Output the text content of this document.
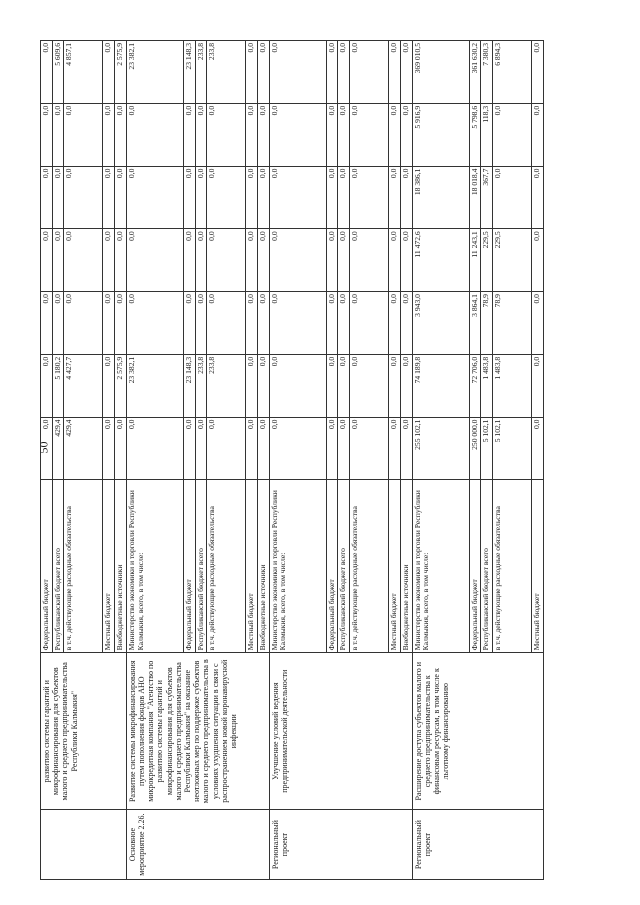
50
	развитию системы гарантий и микрофинансирования для субъектов малого и среднего предпринимательства Республики Калмыкия"	Федеральный бюджет	0,0	0,0	0,0	0,0	0,0	0,0	0,0
		Республиканский бюджет всего	429,4	5 180,2	0,0	0,0	0,0	0,0	5 609,6
		в т.ч. действующие расходные обязательства	429,4	4 427,7	0,0	0,0	0,0	0,0	4 857,1
		Местный бюджет	0,0	0,0	0,0	0,0	0,0	0,0	0,0
		Внебюджетные источники	0,0	2 575,9	0,0	0,0	0,0	0,0	2 575,9
Основное мероприятие 2.26.	Развитие системы микрофинансирования путем пополнения фондов АНО микрокредитная компания "Агентство по развитию системы гарантий и микрофинансирования для субъектов малого и среднего предпринимательства Республики Калмыкия" на оказание неотложных мер по поддержке субъектов малого и среднего предпринимательства в условиях ухудшения ситуации в связи с распространением новой коронавирусной инфекции	Министерство экономики и торговли Республики Калмыкия, всего, в том числе:	0,0	23 382,1	0,0	0,0	0,0	0,0	23 382,1
		Федеральный бюджет	0,0	23 148,3	0,0	0,0	0,0	0,0	23 148,3
		Республиканский бюджет всего	0,0	233,8	0,0	0,0	0,0	0,0	233,8
		в т.ч. действующие расходные обязательства	0,0	233,8	0,0	0,0	0,0	0,0	233,8
		Местный бюджет	0,0	0,0	0,0	0,0	0,0	0,0	0,0
		Внебюджетные источники	0,0	0,0	0,0	0,0	0,0	0,0	0,0
Региональный проект	Улучшение условий ведения предпринимательской деятельности	Министерство экономики и торговли Республики Калмыкия, всего, в том числе:	0,0	0,0	0,0	0,0	0,0	0,0	0,0
		Федеральный бюджет	0,0	0,0	0,0	0,0	0,0	0,0	0,0
		Республиканский бюджет всего	0,0	0,0	0,0	0,0	0,0	0,0	0,0
		в т.ч. действующие расходные обязательства	0,0	0,0	0,0	0,0	0,0	0,0	0,0
		Местный бюджет	0,0	0,0	0,0	0,0	0,0	0,0	0,0
		Внебюджетные источники	0,0	0,0	0,0	0,0	0,0	0,0	0,0
Региональный проект	Расширение доступа субъектов малого и среднего предпринимательства к финансовым ресурсам, в том числе к льготному финансированию	Министерство экономики и торговли Республики Калмыкия, всего, в том числе:	255 102,1	74 189,8	3 943,0	11 472,6	18 386,1	5 916,9	369 010,5
		Федеральный бюджет	250 000,0	72 706,0	3 864,1	11 243,1	18 018,4	5 798,6	361 630,2
		Республиканский бюджет всего	5 102,1	1 483,8	78,9	229,5	367,7	118,3	7 380,3
		в т.ч. действующие расходные обязательства	5 102,1	1 483,8	78,9	229,5	0,0	0,0	6 894,3
		Местный бюджет	0,0	0,0	0,0	0,0	0,0	0,0	0,0
